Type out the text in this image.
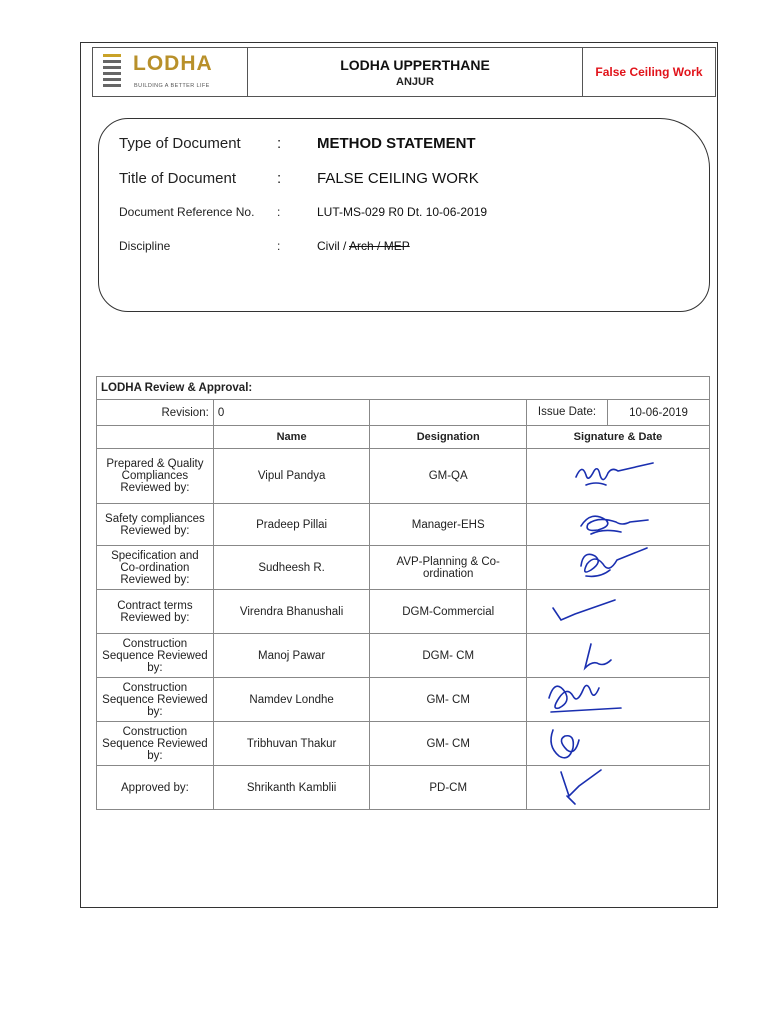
LODHA
BUILDING A BETTER LIFE
LODHA UPPERTHANE
ANJUR
False Ceiling Work
Type of Document	:	METHOD STATEMENT
Title of Document	:	FALSE CEILING WORK
Document Reference No.	:	LUT-MS-029 R0 Dt. 10-06-2019
Discipline	:	Civil / Arch / MEP
LODHA Review & Approval:			
Revision:	0		Issue Date: 10-06-2019

	Name	Designation	Signature & Date
Prepared & Quality Compliances Reviewed by:	Vipul Pandya	GM-QA	
Safety compliances Reviewed by:	Pradeep Pillai	Manager-EHS	
Specification and Co-ordination Reviewed by:	Sudheesh R.	AVP-Planning & Co-ordination	
Contract terms Reviewed by:	Virendra Bhanushali	DGM-Commercial	
Construction Sequence Reviewed by:	Manoj Pawar	DGM- CM	
Construction Sequence Reviewed by:	Namdev Londhe	GM- CM	
Construction Sequence Reviewed by:	Tribhuvan Thakur	GM- CM	
Approved by:	Shrikanth Kamblii	PD-CM	
